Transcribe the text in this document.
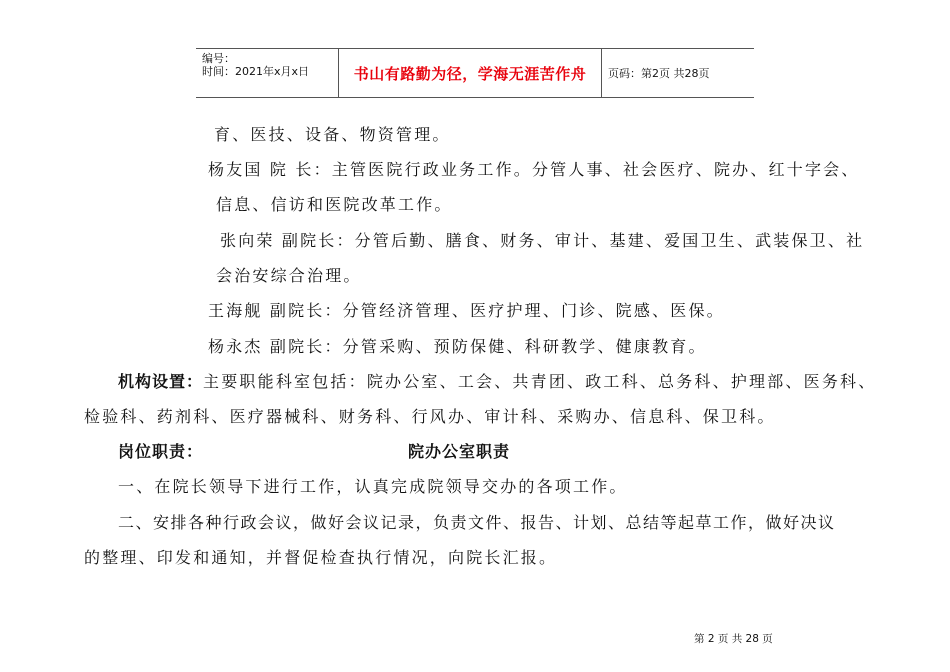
编号：
时间：2021年x月x日	书山有路勤为径，学海无涯苦作舟	页码：第2页 共28页
育、医技、设备、物资管理。
杨友国 院 长：主管医院行政业务工作。分管人事、社会医疗、院办、红十字会、
信息、信访和医院改革工作。
张向荣 副院长：分管后勤、膳食、财务、审计、基建、爱国卫生、武装保卫、社
会治安综合治理。
王海舰 副院长：分管经济管理、医疗护理、门诊、院感、医保。
杨永杰 副院长：分管采购、预防保健、科研教学、健康教育。
机构设置：主要职能科室包括：院办公室、工会、共青团、政工科、总务科、护理部、医务科、
检验科、药剂科、医疗器械科、财务科、行风办、审计科、采购办、信息科、保卫科。
岗位职责：	院办公室职责
一、在院长领导下进行工作，认真完成院领导交办的各项工作。
二、安排各种行政会议，做好会议记录，负责文件、报告、计划、总结等起草工作，做好决议
的整理、印发和通知，并督促检查执行情况，向院长汇报。
第 2 页 共 28 页
